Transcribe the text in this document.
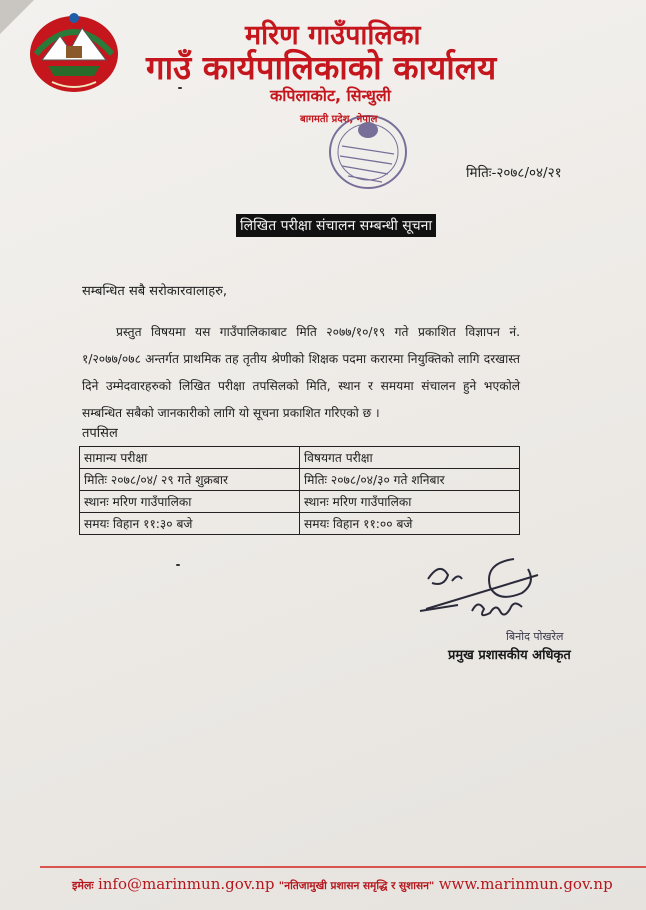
मरिण गाउँपालिका
गाउँ कार्यपालिकाको कार्यालय
कपिलाकोट, सिन्धुली
बागमती प्रदेश, नेपाल
मितिः-२०७८/०४/२१
लिखित परीक्षा संचालन सम्बन्धी सूचना
सम्बन्धित सबै सरोकारवालाहरु,
प्रस्तुत विषयमा यस गाउँपालिकाबाट मिति २०७७/१०/१९ गते प्रकाशित विज्ञापन नं. १/२०७७/०७८ अन्तर्गत प्राथमिक तह तृतीय श्रेणीको शिक्षक पदमा करारमा नियुक्तिको लागि दरखास्त दिने उम्मेदवारहरुको लिखित परीक्षा तपसिलको मिति, स्थान र समयमा संचालन हुने भएकोले सम्बन्धित सबैको जानकारीको लागि यो सूचना प्रकाशित गरिएको छ ।
तपसिल
सामान्य परीक्षा	विषयगत परीक्षा
मितिः २०७८/०४/ २९ गते शुक्रबार	मितिः २०७८/०४/३० गते शनिबार
स्थानः मरिण गाउँपालिका	स्थानः मरिण गाउँपालिका
समयः विहान ११:३० बजे	समयः विहान ११:०० बजे
बिनोद पोखरेल
प्रमुख प्रशासकीय अधिकृत
इमेलः info@marinmun.gov.np "नतिजामुखी प्रशासन समृद्धि र सुशासन" www.marinmun.gov.np
